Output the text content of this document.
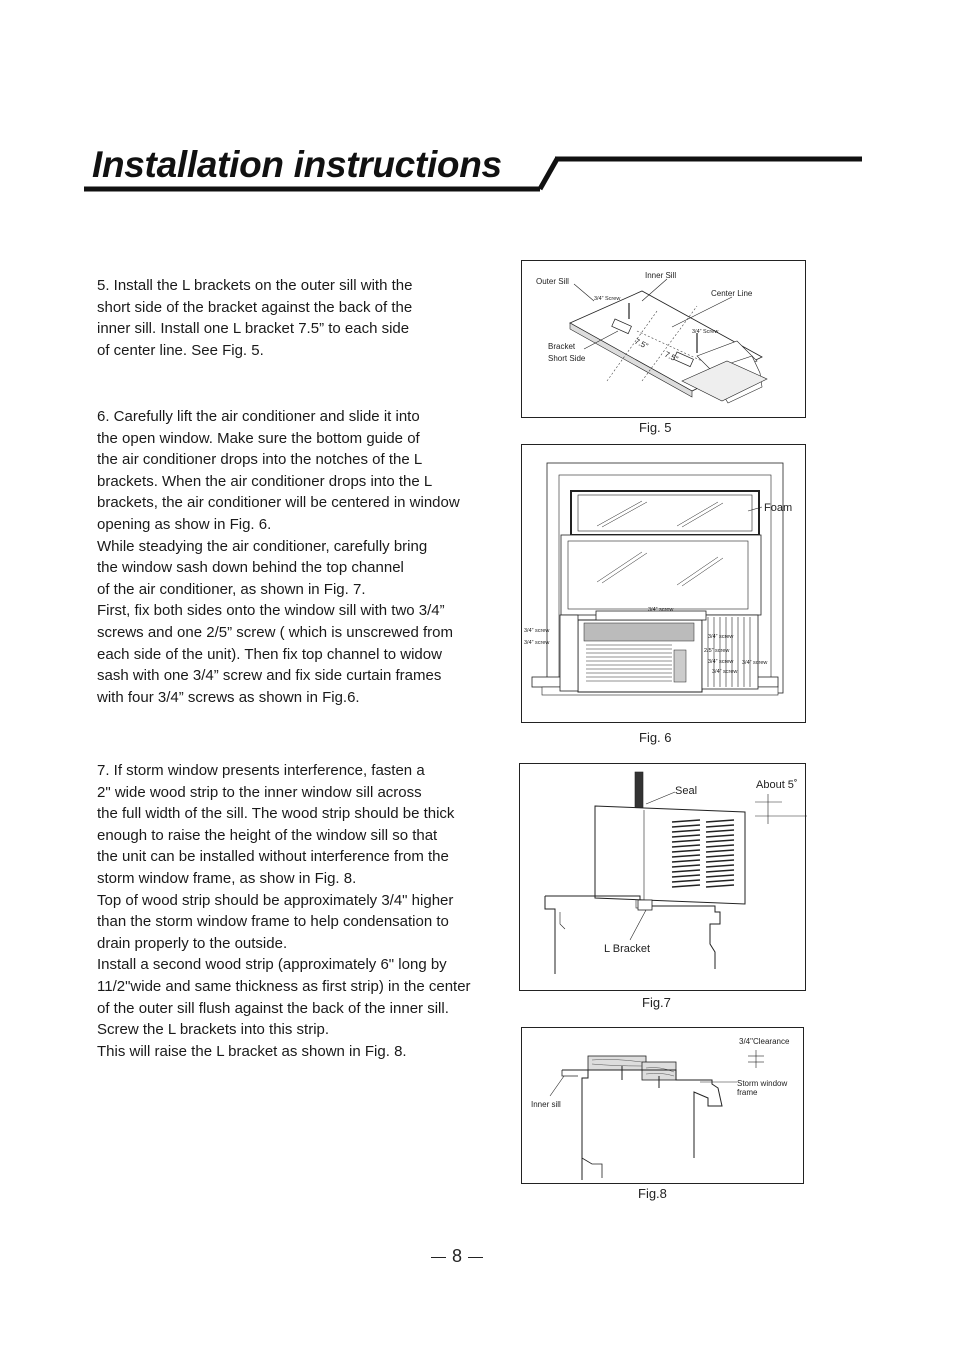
Installation instructions

5. Install the L brackets on the outer sill with the
short side of the bracket against the back of the
inner sill. Install one L bracket 7.5” to each side
of center line. See Fig. 5.

6. Carefully lift the air conditioner and slide it into
the open window. Make sure the bottom guide of
the air conditioner drops into the notches of the L
brackets. When the air conditioner drops into the L
brackets, the air conditioner will be centered in window
opening as show in Fig. 6.
While steadying the air conditioner, carefully bring
the window sash down behind the top channel
of the air conditioner, as shown in Fig. 7.
First, fix both sides onto the window sill with two 3/4”
screws and one 2/5” screw ( which is unscrewed from
each side of the unit). Then fix top channel to widow
sash with one 3/4” screw and fix side curtain frames
with four 3/4” screws as shown in Fig.6.

7. If storm window presents interference, fasten a
2" wide wood strip to the inner window sill across
the full width of the sill. The wood strip should be thick
enough to raise the height of the window sill so that
the unit can be installed without interference from the
storm window frame, as show in Fig. 8.
Top of wood strip should be approximately 3/4" higher
than the storm window frame to help condensation to
drain properly to the outside.
Install a second wood strip (approximately 6" long by
11/2"wide and same thickness as first strip) in the center
of the outer sill flush against the back of the inner sill.
Screw the L brackets into this strip.
This will raise the L bracket as shown in Fig. 8.

Outer Sill
Inner Sill
Center Line
3/4” Screw
3/4” Screw
Bracket
Short Side
7.5”
7.5”
Fig. 5
Foam
3/4” screw
3/4” screw
3/4” screw
3/4” screw
2/5” screw
3/4” screw 3/4” screw
3/4” screw
Fig. 6
Seal	About 5˚
L Bracket
Fig.7
3/4"Clearance
Storm window
frame
Inner sill
Fig.8
8
